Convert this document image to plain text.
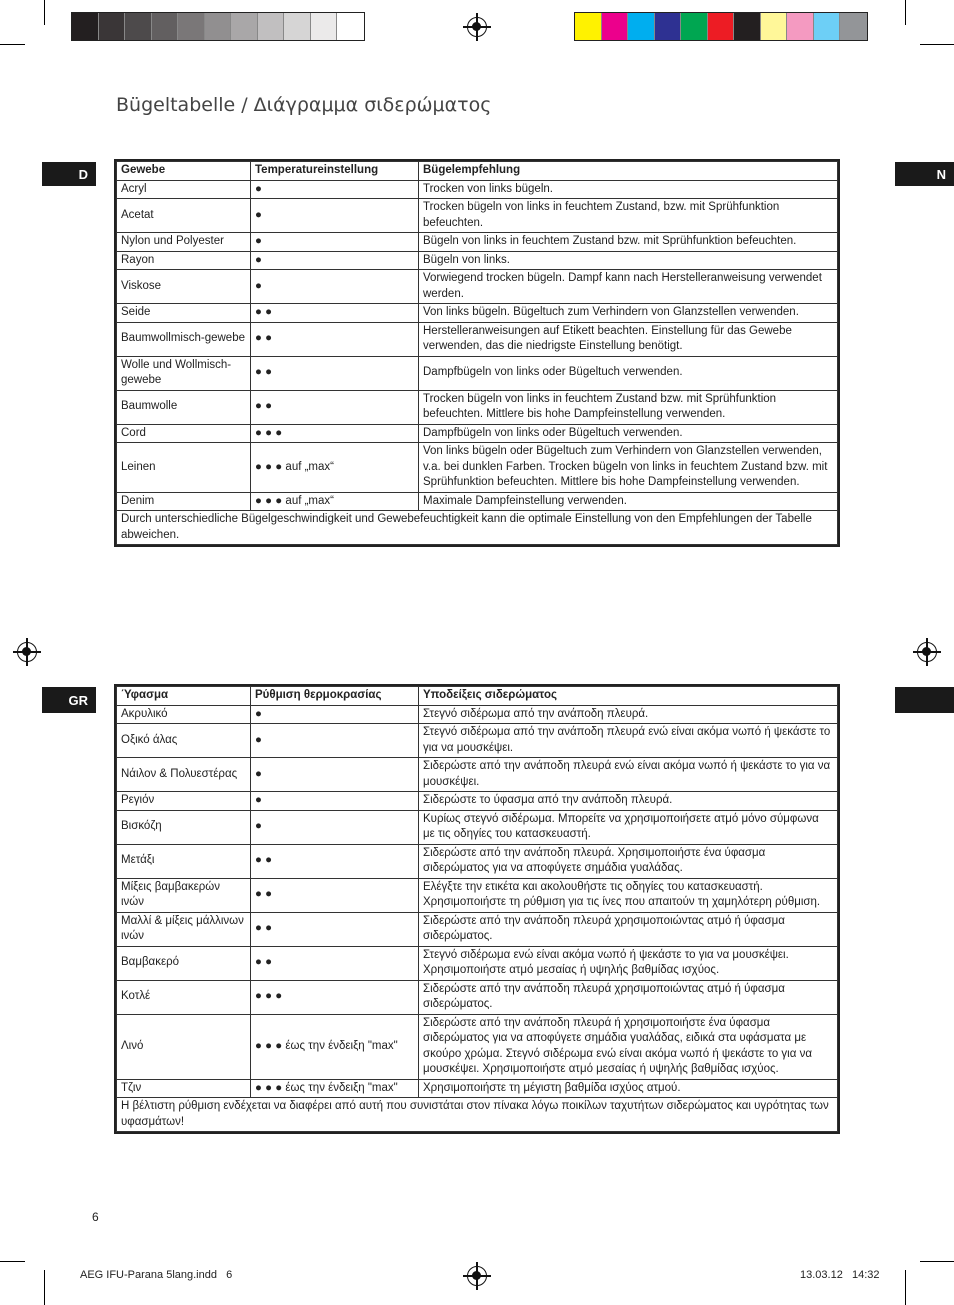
Bügeltabelle / Διάγραμμα σιδερώματος
D	N
GR
Gewebe	Temperatureinstellung	Bügelempfehlung
Acryl	●	Trocken von links bügeln.
Acetat	●	Trocken bügeln von links in feuchtem Zustand, bzw. mit Sprühfunktion befeuchten.
Nylon und Polyester	●	Bügeln von links in feuchtem Zustand bzw. mit Sprühfunktion befeuchten.
Rayon	●	Bügeln von links.
Viskose	●	Vorwiegend trocken bügeln. Dampf kann nach Herstelleranweisung verwendet werden.
Seide	● ●	Von links bügeln. Bügeltuch zum Verhindern von Glanzstellen verwenden.
Baumwollmisch-gewebe	● ●	Herstelleranweisungen auf Etikett beachten. Einstellung für das Gewebe verwenden, das die niedrigste Einstellung benötigt.
Wolle und Wollmisch-gewebe	● ●	Dampfbügeln von links oder Bügeltuch verwenden.
Baumwolle	● ●	Trocken bügeln von links in feuchtem Zustand bzw. mit Sprühfunktion befeuchten. Mittlere bis hohe Dampfeinstellung verwenden.
Cord	● ● ●	Dampfbügeln von links oder Bügeltuch verwenden.
Leinen	● ● ● auf „max“	Von links bügeln oder Bügeltuch zum Verhindern von Glanzstellen verwenden, v.a. bei dunklen Farben. Trocken bügeln von links in feuchtem Zustand bzw. mit Sprühfunktion befeuchten. Mittlere bis hohe Dampfeinstellung verwenden.
Denim	● ● ● auf „max“	Maximale Dampfeinstellung verwenden.
Durch unterschiedliche Bügelgeschwindigkeit und Gewebefeuchtigkeit kann die optimale Einstellung von den Empfehlungen der Tabelle abweichen.		
Ύφασμα	Ρύθμιση θερμοκρασίας	Υποδείξεις σιδερώματος
Ακρυλικό	●	Στεγνό σιδέρωμα από την ανάποδη πλευρά.
Οξικό άλας	●	Στεγνό σιδέρωμα από την ανάποδη πλευρά ενώ είναι ακόμα νωπό ή ψεκάστε το για να μουσκέψει.
Νάιλον & Πολυεστέρας	●	Σιδερώστε από την ανάποδη πλευρά ενώ είναι ακόμα νωπό ή ψεκάστε το για να μουσκέψει.
Ρεγιόν	●	Σιδερώστε το ύφασμα από την ανάποδη πλευρά.
Βισκόζη	●	Κυρίως στεγνό σιδέρωμα. Μπορείτε να χρησιμοποιήσετε ατμό μόνο σύμφωνα με τις οδηγίες του κατασκευαστή.
Μετάξι	● ●	Σιδερώστε από την ανάποδη πλευρά. Χρησιμοποιήστε ένα ύφασμα σιδερώματος για να αποφύγετε σημάδια γυαλάδας.
Μίξεις βαμβακερών ινών	● ●	Ελέγξτε την ετικέτα και ακολουθήστε τις οδηγίες του κατασκευαστή. Χρησιμοποιήστε τη ρύθμιση για τις ίνες που απαιτούν τη χαμηλότερη ρύθμιση.
Μαλλί & μίξεις μάλλινων ινών	● ●	Σιδερώστε από την ανάποδη πλευρά χρησιμοποιώντας ατμό ή ύφασμα σιδερώματος.
Βαμβακερό	● ●	Στεγνό σιδέρωμα ενώ είναι ακόμα νωπό ή ψεκάστε το για να μουσκέψει. Χρησιμοποιήστε ατμό μεσαίας ή υψηλής βαθμίδας ισχύος.
Κοτλέ	● ● ●	Σιδερώστε από την ανάποδη πλευρά χρησιμοποιώντας ατμό ή ύφασμα σιδερώματος.
Λινό	● ● ● έως την ένδειξη "max"	Σιδερώστε από την ανάποδη πλευρά ή χρησιμοποιήστε ένα ύφασμα σιδερώματος για να αποφύγετε σημάδια γυαλάδας, ειδικά στα υφάσματα με σκούρο χρώμα. Στεγνό σιδέρωμα ενώ είναι ακόμα νωπό ή ψεκάστε το για να μουσκέψει. Χρησιμοποιήστε ατμό μεσαίας ή υψηλής βαθμίδας ισχύος.
Τζιν	● ● ● έως την ένδειξη "max"	Χρησιμοποιήστε τη μέγιστη βαθμίδα ισχύος ατμού.
Η βέλτιστη ρύθμιση ενδέχεται να διαφέρει από αυτή που συνιστάται στον πίνακα λόγω ποικίλων ταχυτήτων σιδερώματος και υγρότητας των υφασμάτων!		
6
AEG IFU-Parana 5lang.indd   6	13.03.12   14:32
